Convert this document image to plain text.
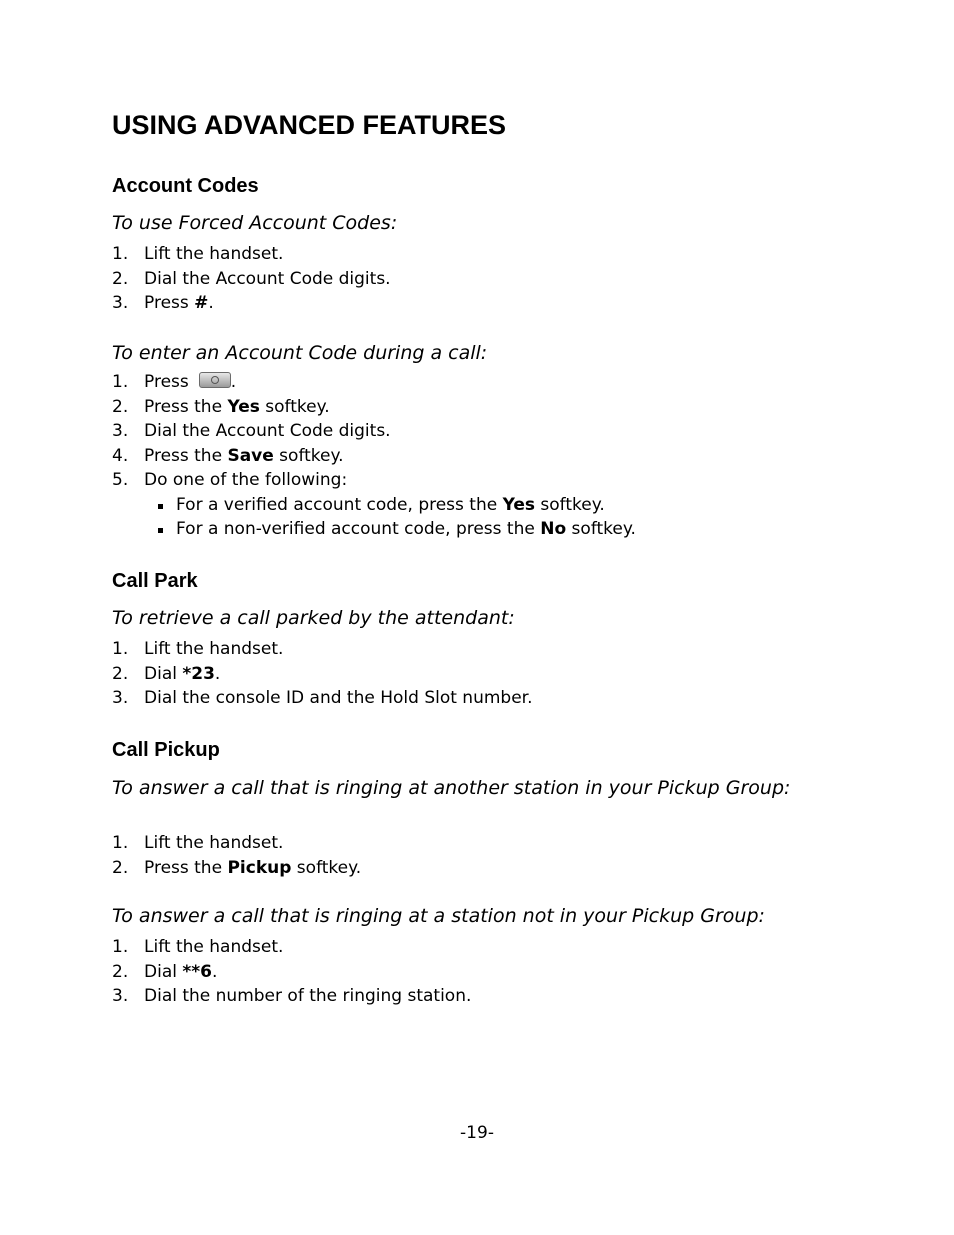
USING ADVANCED FEATURES
Account Codes

To use Forced Account Codes:

1. Lift the handset.
2. Dial the Account Code digits.
3. Press #.

To enter an Account Code during a call:

1. Press .
2. Press the Yes softkey.
3. Dial the Account Code digits.
4. Press the Save softkey.
5. Do one of the following:
For a verified account code, press the Yes softkey.
For a non-verified account code, press the No softkey.
Call Park

To retrieve a call parked by the attendant:

1. Lift the handset.
2. Dial *23.
3. Dial the console ID and the Hold Slot number.
Call Pickup

To answer a call that is ringing at another station in your Pickup Group:

1. Lift the handset.
2. Press the Pickup softkey.

To answer a call that is ringing at a station not in your Pickup Group:

1. Lift the handset.
2. Dial **6.
3. Dial the number of the ringing station.
-19-
